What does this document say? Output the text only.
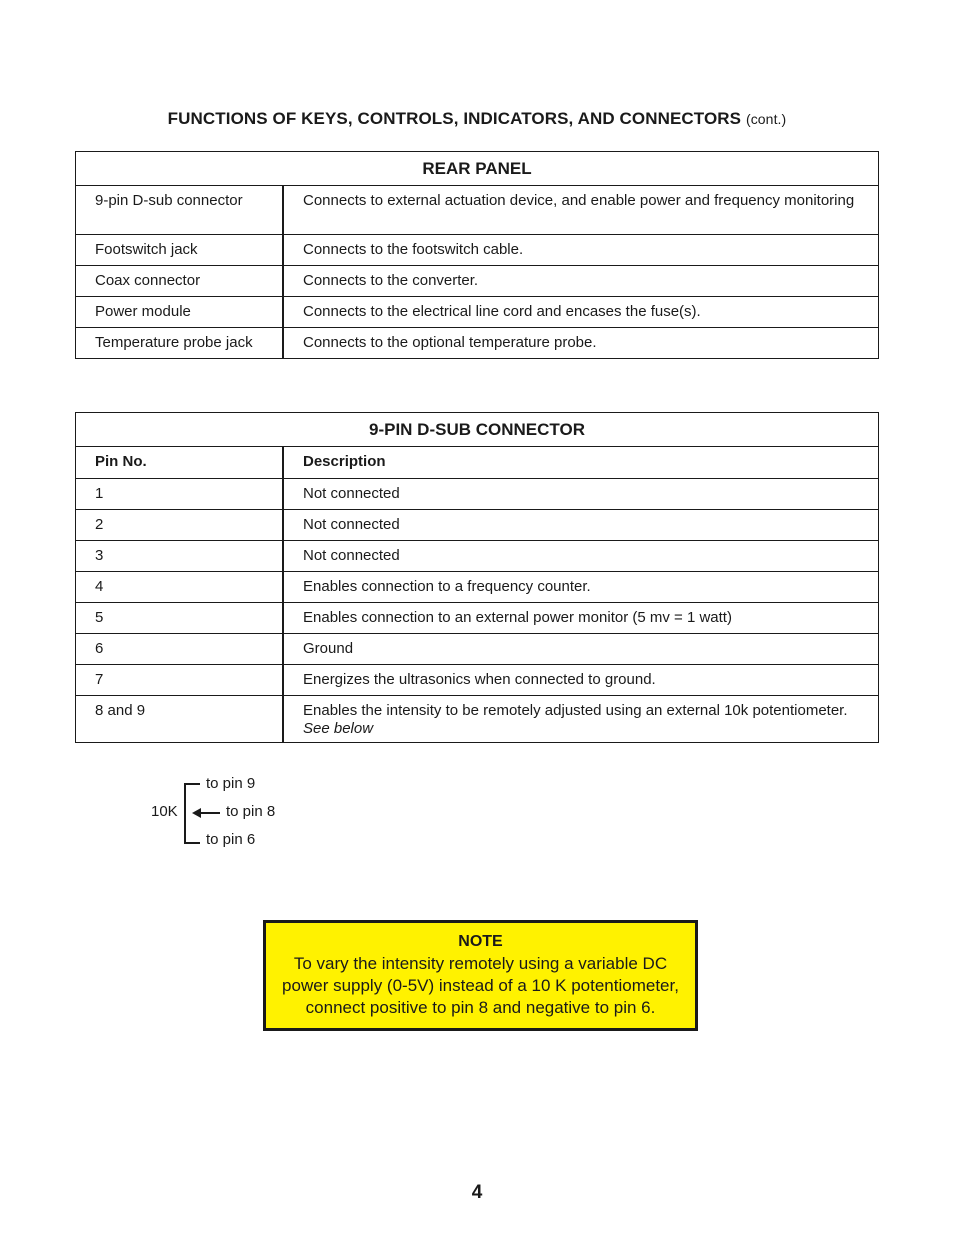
FUNCTIONS OF KEYS, CONTROLS, INDICATORS, AND CONNECTORS (cont.)
REAR PANEL	
9-pin D-sub connector	Connects to external actuation device, and enable power and frequency monitoring
Footswitch jack	Connects to the footswitch cable.
Coax connector	Connects to the converter.
Power module	Connects to the electrical line cord and encases the fuse(s).
Temperature probe jack	Connects to the optional temperature probe.
9-PIN D-SUB CONNECTOR	
Pin No.	Description
1	Not connected
2	Not connected
3	Not connected
4	Enables connection to a frequency counter.
5	Enables connection to an external power monitor (5 mv = 1 watt)
6	Ground
7	Energizes the ultrasonics when connected to ground.
8 and 9	Enables the intensity to be remotely adjusted using an external 10k potentiometer.
See below
to pin 9
10K	to pin 8
to pin 6
NOTE
To vary the intensity remotely using a variable DC power supply (0-5V) instead of a 10 K potentiometer, connect positive to pin 8 and negative to pin 6.
4
